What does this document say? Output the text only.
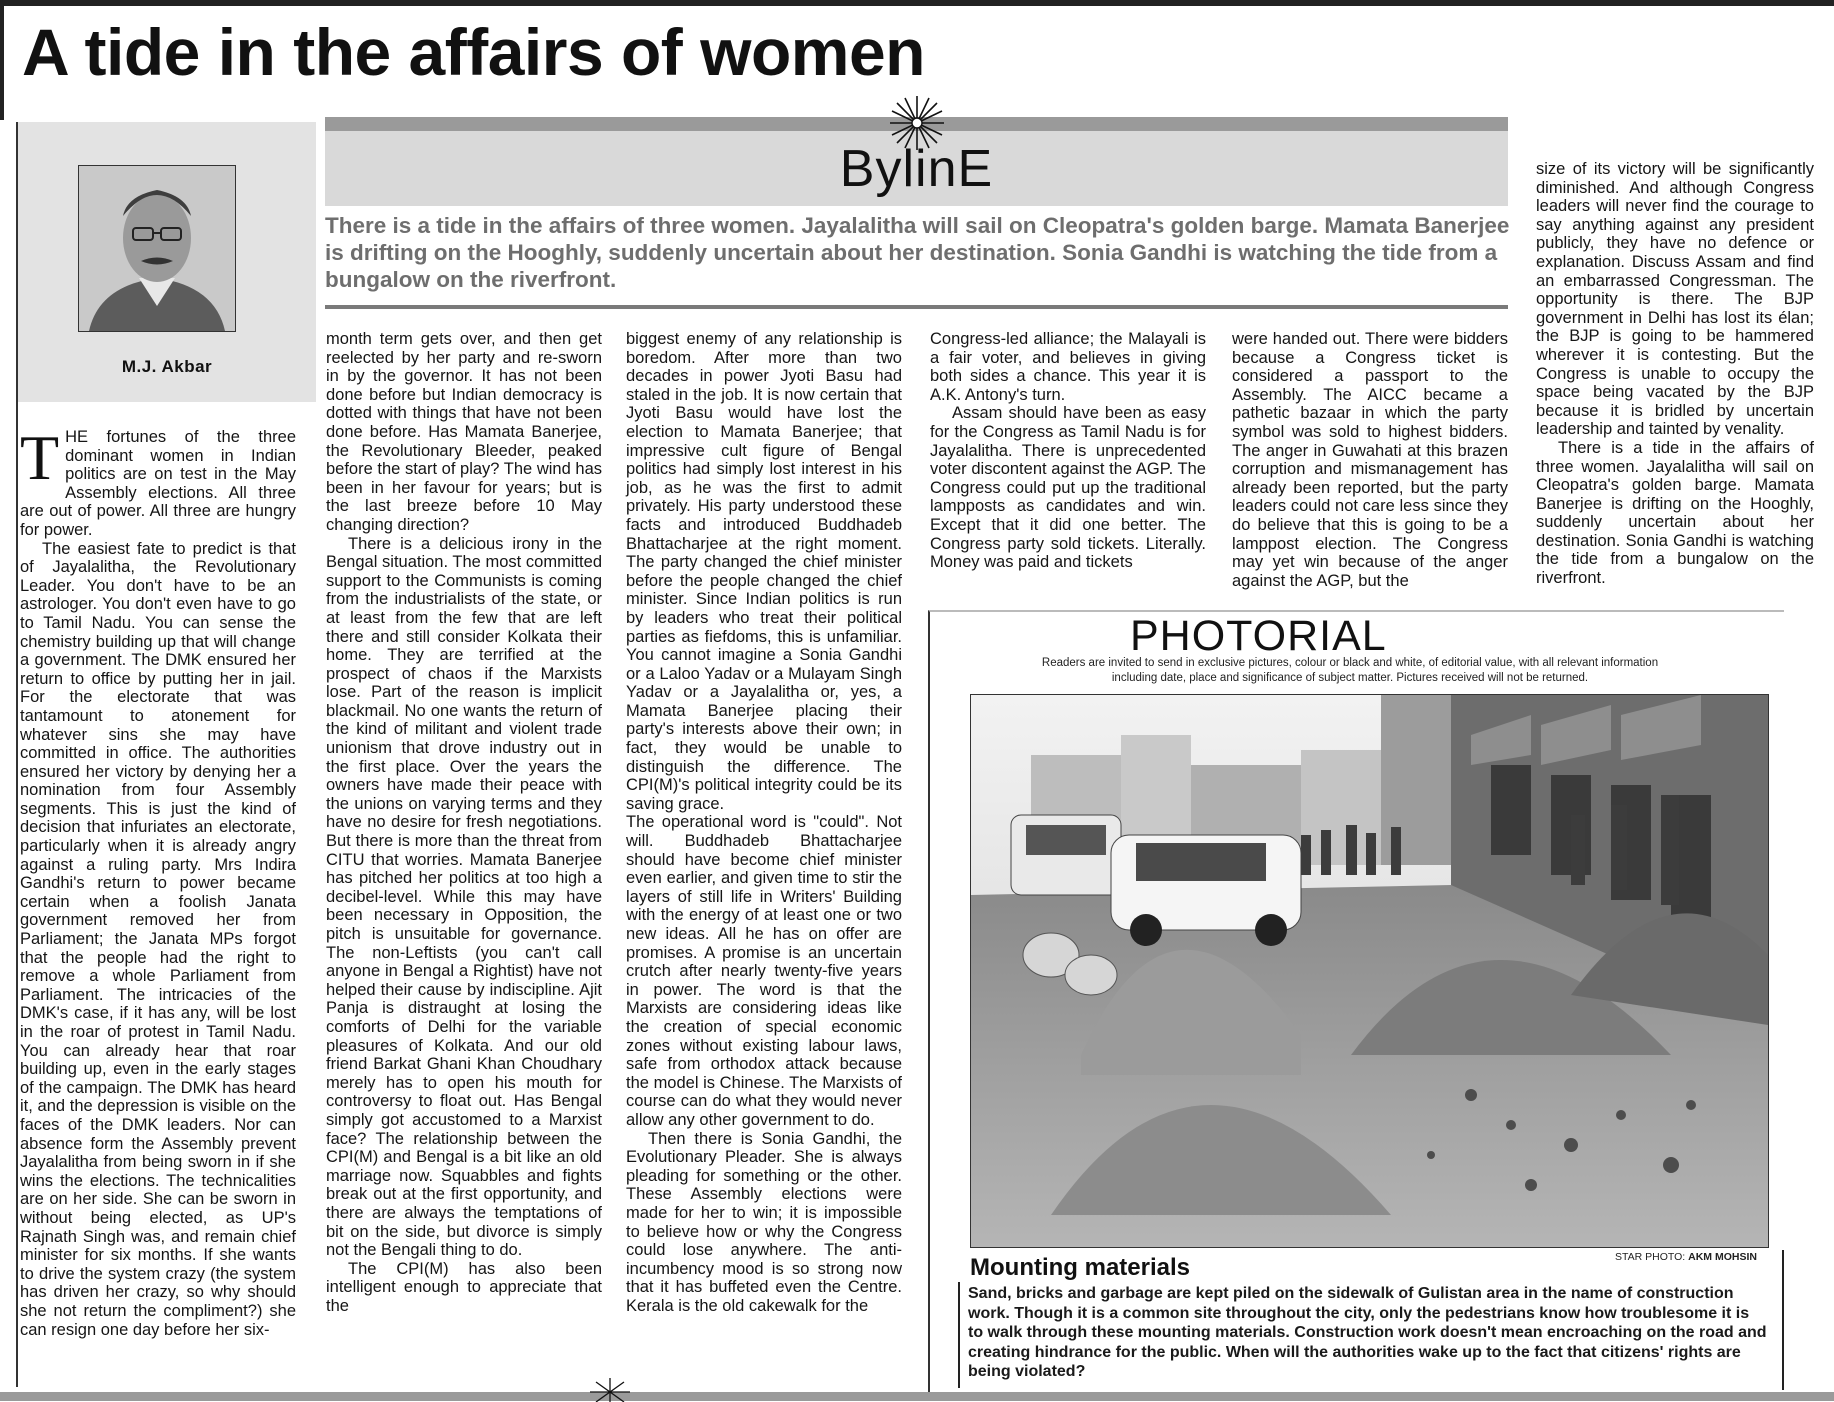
A tide in the affairs of women
M.J. Akbar
BylinE
There is a tide in the affairs of three women. Jayalalitha will sail on Cleopatra's golden barge. Mamata Banerjee is drifting on the Hooghly, suddenly uncertain about her destination. Sonia Gandhi is watching the tide from a bungalow on the riverfront.

THE fortunes of the three dominant women in Indian politics are on test in the May Assembly elections. All three are out of power. All three are hungry for power.

The easiest fate to predict is that of Jayalalitha, the Revolutionary Leader. You don't have to be an astrologer. You don't even have to go to Tamil Nadu. You can sense the chemistry building up that will change a government. The DMK ensured her return to office by putting her in jail. For the electorate that was tantamount to atonement for whatever sins she may have committed in office. The authorities ensured her victory by denying her a nomination from four Assembly segments. This is just the kind of decision that infuriates an electorate, particularly when it is already angry against a ruling party. Mrs Indira Gandhi's return to power became certain when a foolish Janata government removed her from Parliament; the Janata MPs forgot that the people had the right to remove a whole Parliament from Parliament. The intricacies of the DMK's case, if it has any, will be lost in the roar of protest in Tamil Nadu. You can already hear that roar building up, even in the early stages of the campaign. The DMK has heard it, and the depression is visible on the faces of the DMK leaders. Nor can absence form the Assembly prevent Jayalalitha from being sworn in if she wins the elections. The technicalities are on her side. She can be sworn in without being elected, as UP's Rajnath Singh was, and remain chief minister for six months. If she wants to drive the system crazy (the system has driven her crazy, so why should she not return the compliment?) she can resign one day before her six-

month term gets over, and then get reelected by her party and re-sworn in by the governor. It has not been done before but Indian democracy is dotted with things that have not been done before. Has Mamata Banerjee, the Revolutionary Bleeder, peaked before the start of play? The wind has been in her favour for years; but is the last breeze before 10 May changing direction?

There is a delicious irony in the Bengal situation. The most committed support to the Communists is coming from the industrialists of the state, or at least from the few that are left there and still consider Kolkata their home. They are terrified at the prospect of chaos if the Marxists lose. Part of the reason is implicit blackmail. No one wants the return of the kind of militant and violent trade unionism that drove industry out in the first place. Over the years the owners have made their peace with the unions on varying terms and they have no desire for fresh negotiations. But there is more than the threat from CITU that worries. Mamata Banerjee has pitched her politics at too high a decibel-level. While this may have been necessary in Opposition, the pitch is unsuitable for governance. The non-Leftists (you can't call anyone in Bengal a Rightist) have not helped their cause by indiscipline. Ajit Panja is distraught at losing the comforts of Delhi for the variable pleasures of Kolkata. And our old friend Barkat Ghani Khan Choudhary merely has to open his mouth for controversy to float out. Has Bengal simply got accustomed to a Marxist face? The relationship between the CPI(M) and Bengal is a bit like an old marriage now. Squabbles and fights break out at the first opportunity, and there are always the temptations of bit on the side, but divorce is simply not the Bengali thing to do.

The CPI(M) has also been intelligent enough to appreciate that the

biggest enemy of any relationship is boredom. After more than two decades in power Jyoti Basu had staled in the job. It is now certain that Jyoti Basu would have lost the election to Mamata Banerjee; that impressive cult figure of Bengal politics had simply lost interest in his job, as he was the first to admit privately. His party understood these facts and introduced Buddhadeb Bhattacharjee at the right moment. The party changed the chief minister before the people changed the chief minister. Since Indian politics is run by leaders who treat their political parties as fiefdoms, this is unfamiliar. You cannot imagine a Sonia Gandhi or a Laloo Yadav or a Mulayam Singh Yadav or a Jayalalitha or, yes, a Mamata Banerjee placing their party's interests above their own; in fact, they would be unable to distinguish the difference. The CPI(M)'s political integrity could be its saving grace.

The operational word is "could". Not will. Buddhadeb Bhattacharjee should have become chief minister even earlier, and given time to stir the layers of still life in Writers' Building with the energy of at least one or two new ideas. All he has on offer are promises. A promise is an uncertain crutch after nearly twenty-five years in power. The word is that the Marxists are considering ideas like the creation of special economic zones without existing labour laws, safe from orthodox attack because the model is Chinese. The Marxists of course can do what they would never allow any other government to do.

Then there is Sonia Gandhi, the Evolutionary Pleader. She is always pleading for something or the other. These Assembly elections were made for her to win; it is impossible to believe how or why the Congress could lose anywhere. The anti-incumbency mood is so strong now that it has buffeted even the Centre. Kerala is the old cakewalk for the

Congress-led alliance; the Malayali is a fair voter, and believes in giving both sides a chance. This year it is A.K. Antony's turn.

Assam should have been as easy for the Congress as Tamil Nadu is for Jayalalitha. There is unprecedented voter discontent against the AGP. The Congress could put up the traditional lampposts as candidates and win. Except that it did one better. The Congress party sold tickets. Literally. Money was paid and tickets

were handed out. There were bidders because a Congress ticket is considered a passport to the Assembly. The AICC became a pathetic bazaar in which the party symbol was sold to highest bidders. The anger in Guwahati at this brazen corruption and mismanagement has already been reported, but the party leaders could not care less since they do believe that this is going to be a lamppost election. The Congress may yet win because of the anger against the AGP, but the

size of its victory will be significantly diminished. And although Congress leaders will never find the courage to say anything against any president publicly, they have no defence or explanation. Discuss Assam and find an embarrassed Congressman. The opportunity is there. The BJP government in Delhi has lost its élan; the BJP is going to be hammered wherever it is contesting. But the Congress is unable to occupy the space being vacated by the BJP because it is bridled by uncertain leadership and tainted by venality.

There is a tide in the affairs of three women. Jayalalitha will sail on Cleopatra's golden barge. Mamata Banerjee is drifting on the Hooghly, suddenly uncertain about her destination. Sonia Gandhi is watching the tide from a bungalow on the riverfront.

PHOTORIAL
Readers are invited to send in exclusive pictures, colour or black and white, of editorial value, with all relevant information including date, place and significance of subject matter. Pictures received will not be returned.
STAR PHOTO: AKM MOHSIN
Mounting materials
Sand, bricks and garbage are kept piled on the sidewalk of Gulistan area in the name of construction work. Though it is a common site throughout the city, only the pedestrians know how troublesome it is to walk through these mounting materials. Construction work doesn't mean encroaching on the road and creating hindrance for the public. When will the authorities wake up to the fact that citizens' rights are being violated?
